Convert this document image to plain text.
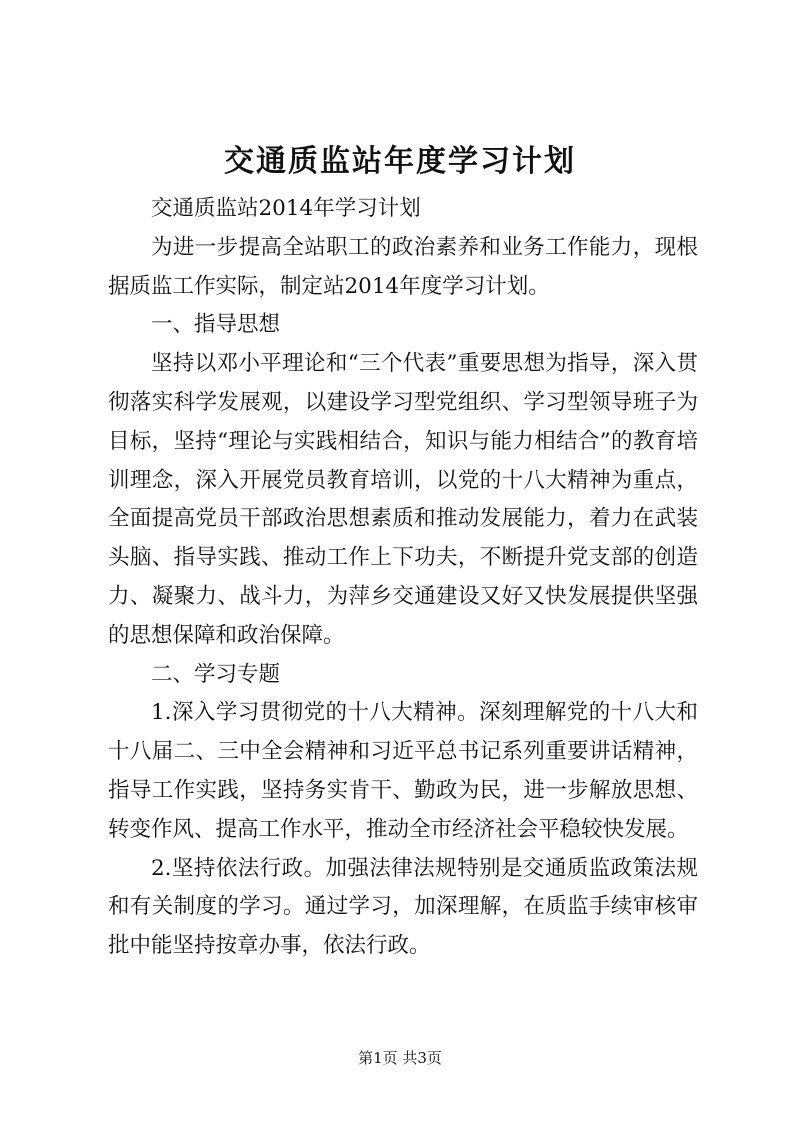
交通质监站年度学习计划

交通质监站2014年学习计划

为进一步提高全站职工的政治素养和业务工作能力，现根据质监工作实际，制定站2014年度学习计划。

一、指导思想

坚持以邓小平理论和“三个代表”重要思想为指导，深入贯彻落实科学发展观，以建设学习型党组织、学习型领导班子为目标，坚持“理论与实践相结合，知识与能力相结合”的教育培训理念，深入开展党员教育培训，以党的十八大精神为重点，全面提高党员干部政治思想素质和推动发展能力，着力在武装头脑、指导实践、推动工作上下功夫，不断提升党支部的创造力、凝聚力、战斗力，为萍乡交通建设又好又快发展提供坚强的思想保障和政治保障。

二、学习专题

1.深入学习贯彻党的十八大精神。深刻理解党的十八大和十八届二、三中全会精神和习近平总书记系列重要讲话精神，指导工作实践，坚持务实肯干、勤政为民，进一步解放思想、转变作风、提高工作水平，推动全市经济社会平稳较快发展。

2.坚持依法行政。加强法律法规特别是交通质监政策法规和有关制度的学习。通过学习，加深理解，在质监手续审核审批中能坚持按章办事，依法行政。

第1页 共3页
